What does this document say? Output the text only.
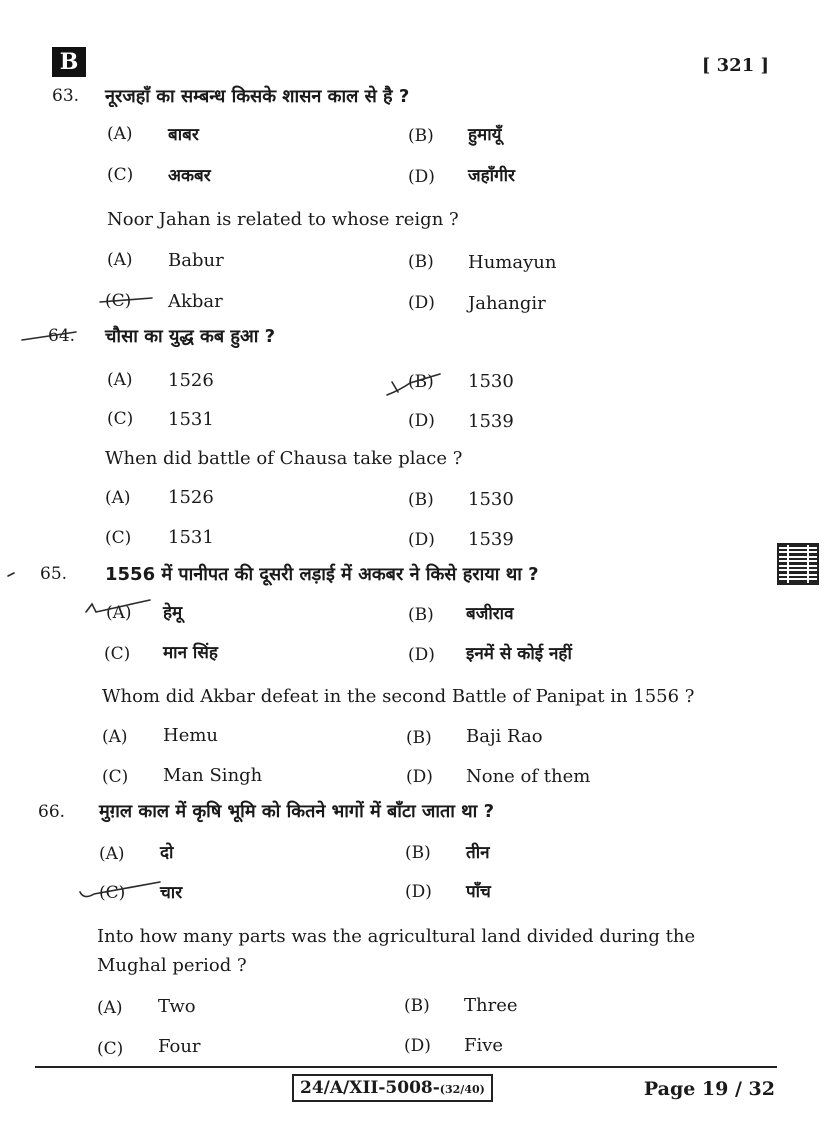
B	[ 321 ]
63. नूरजहाँ का सम्बन्ध किसके शासन काल से है ?
(A) बाबर	(B) हुमायूँ
(C) अकबर	(D) जहाँगीर
Noor Jahan is related to whose reign ?
(A) Babur	(B) Humayun
(C) Akbar	(D) Jahangir
64. चौसा का युद्ध कब हुआ ?
(A) 1526	(B) 1530
(C) 1531	(D) 1539
When did battle of Chausa take place ?
(A) 1526	(B) 1530
(C) 1531	(D) 1539
65. 1556 में पानीपत की दूसरी लड़ाई में अकबर ने किसे हराया था ?
(A) हेमू	(B) बजीराव
(C) मान सिंह	(D) इनमें से कोई नहीं
Whom did Akbar defeat in the second Battle of Panipat in 1556 ?
(A) Hemu	(B) Baji Rao
(C) Man Singh	(D) None of them
66. मुग़ल काल में कृषि भूमि को कितने भागों में बाँटा जाता था ?
(A) दो	(B) तीन
(C) चार	(D) पाँच
Into how many parts was the agricultural land divided during the
Mughal period ?
(A) Two	(B) Three
(C) Four	(D) Five
24/A/XII-5008-(32/40)	Page 19 / 32
